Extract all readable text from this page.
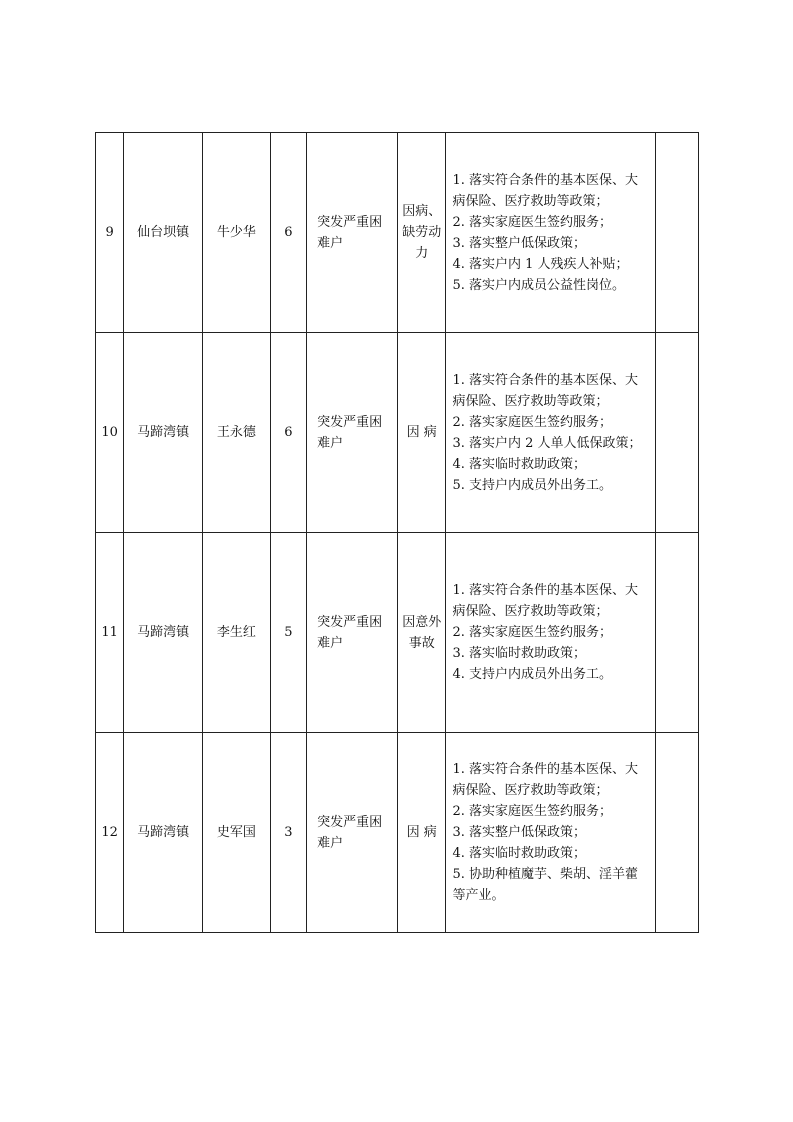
9	仙台坝镇	牛少华	6	突发严重困难户	因病、缺劳动力	1. 落实符合条件的基本医保、大病保险、医疗救助等政策；
2. 落实家庭医生签约服务；
3. 落实整户低保政策；
4. 落实户内 1 人残疾人补贴；
5. 落实户内成员公益性岗位。	

10	马蹄湾镇	王永德	6	突发严重困难户	因 病	1. 落实符合条件的基本医保、大病保险、医疗救助等政策；
2. 落实家庭医生签约服务；
3. 落实户内 2 人单人低保政策；
4. 落实临时救助政策；
5. 支持户内成员外出务工。	

11	马蹄湾镇	李生红	5	突发严重困难户	因意外事故	1. 落实符合条件的基本医保、大病保险、医疗救助等政策；
2. 落实家庭医生签约服务；
3. 落实临时救助政策；
4. 支持户内成员外出务工。	

12	马蹄湾镇	史军国	3	突发严重困难户	因 病	1. 落实符合条件的基本医保、大病保险、医疗救助等政策；
2. 落实家庭医生签约服务；
3. 落实整户低保政策；
4. 落实临时救助政策；
5. 协助种植魔芋、柴胡、淫羊藿等产业。	
